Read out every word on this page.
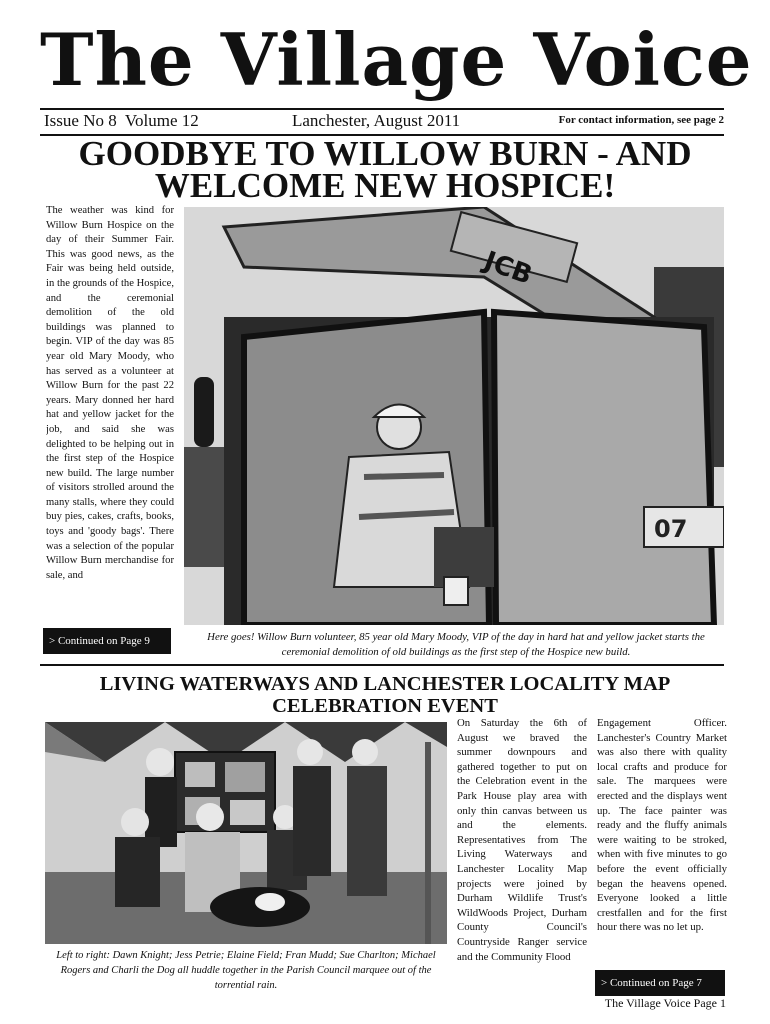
The Village Voice
Issue No 8  Volume 12	Lanchester, August 2011	For contact information, see page 2
GOODBYE TO WILLOW BURN - AND WELCOME NEW HOSPICE!
The weather was kind for Willow Burn Hospice on the day of their Summer Fair. This was good news, as the Fair was being held outside, in the grounds of the Hospice, and the ceremonial demolition of the old buildings was planned to begin. VIP of the day was 85 year old Mary Moody, who has served as a volunteer at Willow Burn for the past 22 years. Mary donned her hard hat and yellow jacket for the job, and said she was delighted to be helping out in the first step of the Hospice new build. The large number of visitors strolled around the many stalls, where they could buy pies, cakes, crafts, books, toys and 'goody bags'. There was a selection of the popular Willow Burn merchandise for sale, and
> Continued on Page 9
JCB
07
Here goes! Willow Burn volunteer, 85 year old Mary Moody, VIP of the day in hard hat and yellow jacket starts the ceremonial demolition of old buildings as the first step of the Hospice new build.
LIVING WATERWAYS AND LANCHESTER LOCALITY MAP CELEBRATION EVENT
Left to right: Dawn Knight; Jess Petrie; Elaine Field; Fran Mudd; Sue Charlton; Michael Rogers and Charli the Dog all huddle together in the Parish Council marquee out of the torrential rain.
On Saturday the 6th of August we braved the summer downpours and gathered together to put on the Celebration event in the Park House play area with only thin canvas between us and the elements. Representatives from The Living Waterways and Lanchester Locality Map projects were joined by Durham Wildlife Trust's WildWoods Project, Durham County Council's Countryside Ranger service and the Community Flood
Engagement Officer. Lanchester's Country Market was also there with quality local crafts and produce for sale. The marquees were erected and the displays went up. The face painter was ready and the fluffy animals were waiting to be stroked, when with five minutes to go before the event officially began the heavens opened. Everyone looked a little crestfallen and for the first hour there was no let up.
> Continued on Page 7
The Village Voice Page 1
